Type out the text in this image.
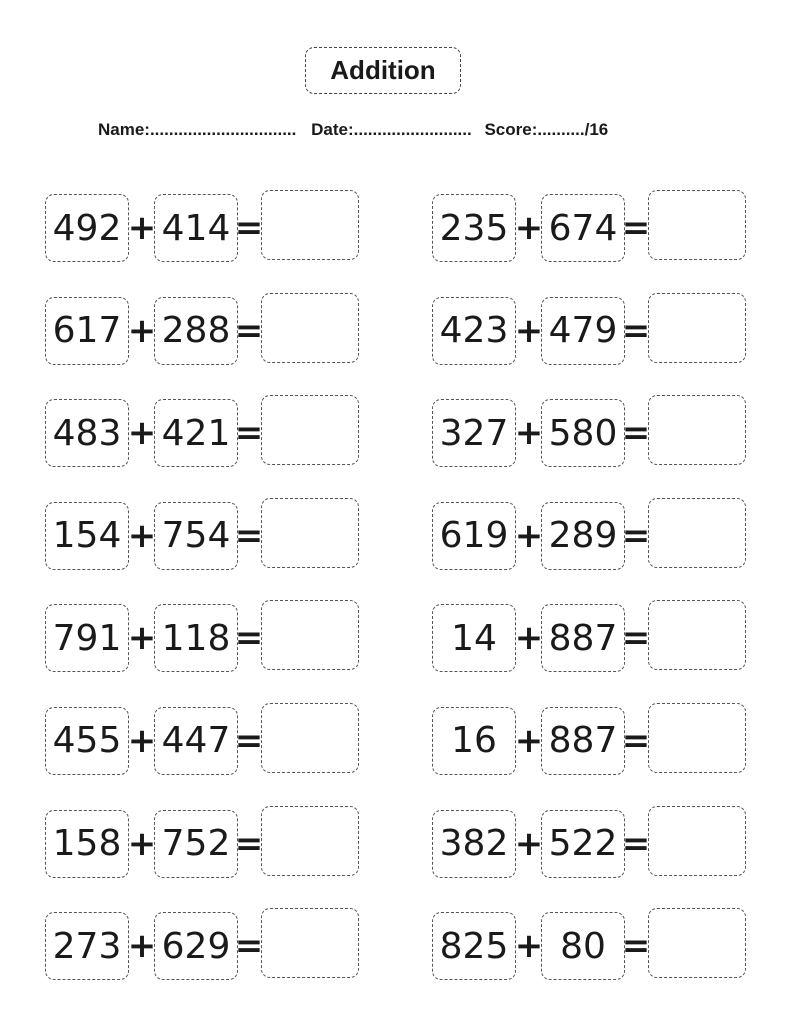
Addition
Name:............................... Date:......................... Score:........../16
492 + 414 =
617 + 288 =
483 + 421 =
154 + 754 =
791 + 118 =
455 + 447 =
158 + 752 =
273 + 629 =
235 + 674 =
423 + 479 =
327 + 580 =
619 + 289 =
14 + 887 =
16 + 887 =
382 + 522 =
825 + 80 =
